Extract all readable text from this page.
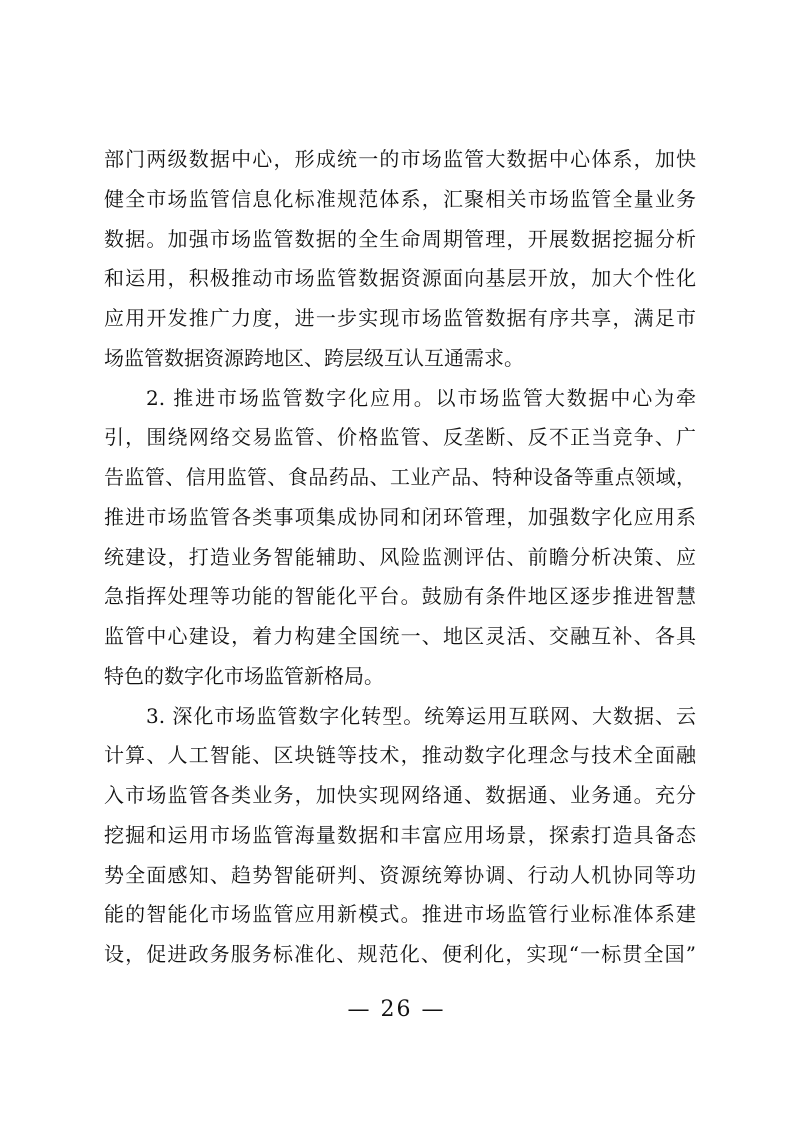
部门两级数据中心，形成统一的市场监管大数据中心体系，加快
健全市场监管信息化标准规范体系，汇聚相关市场监管全量业务
数据。加强市场监管数据的全生命周期管理，开展数据挖掘分析
和运用，积极推动市场监管数据资源面向基层开放，加大个性化
应用开发推广力度，进一步实现市场监管数据有序共享，满足市
场监管数据资源跨地区、跨层级互认互通需求。
2. 推进市场监管数字化应用。以市场监管大数据中心为牵
引，围绕网络交易监管、价格监管、反垄断、反不正当竞争、广
告监管、信用监管、食品药品、工业产品、特种设备等重点领域，
推进市场监管各类事项集成协同和闭环管理，加强数字化应用系
统建设，打造业务智能辅助、风险监测评估、前瞻分析决策、应
急指挥处理等功能的智能化平台。鼓励有条件地区逐步推进智慧
监管中心建设，着力构建全国统一、地区灵活、交融互补、各具
特色的数字化市场监管新格局。
3. 深化市场监管数字化转型。统筹运用互联网、大数据、云
计算、人工智能、区块链等技术，推动数字化理念与技术全面融
入市场监管各类业务，加快实现网络通、数据通、业务通。充分
挖掘和运用市场监管海量数据和丰富应用场景，探索打造具备态
势全面感知、趋势智能研判、资源统筹协调、行动人机协同等功
能的智能化市场监管应用新模式。推进市场监管行业标准体系建
设，促进政务服务标准化、规范化、便利化，实现“一标贯全国”
— 26 —
